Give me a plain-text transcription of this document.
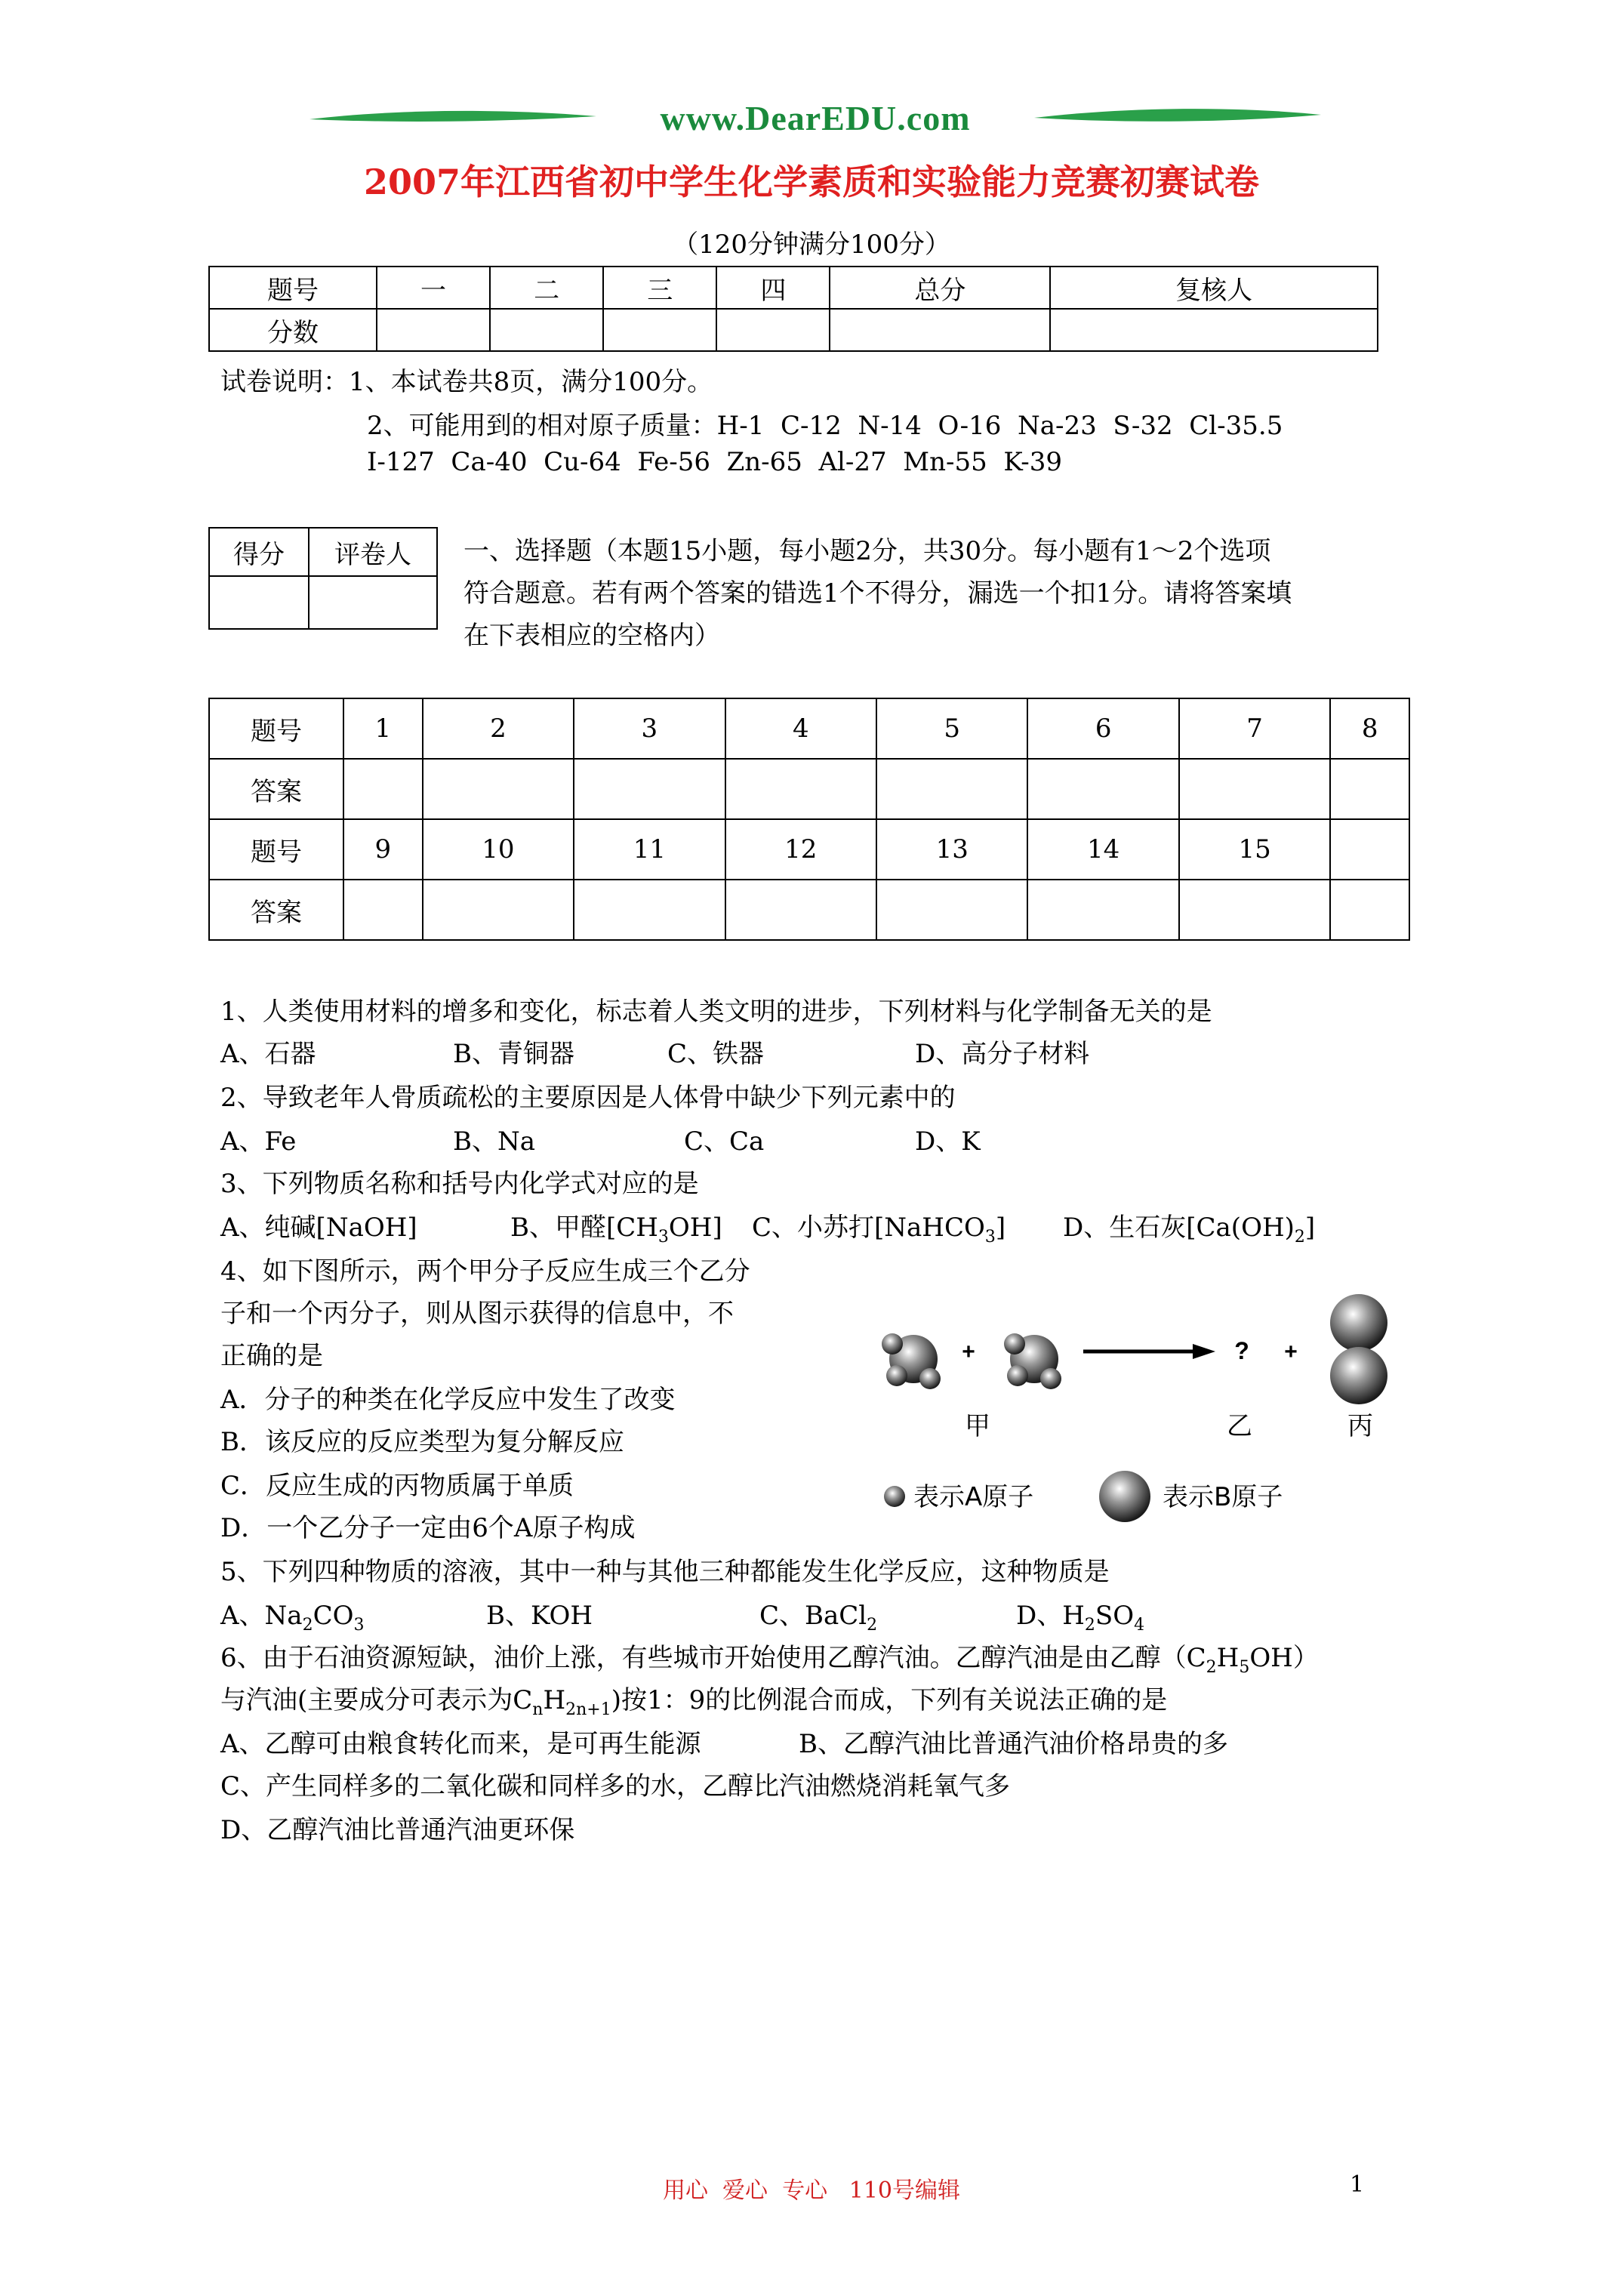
www.DearEDU.com
2007年江西省初中学生化学素质和实验能力竞赛初赛试卷
（120分钟满分100分）
题号	一	二	三	四	总分	复核人
分数						
试卷说明：1、本试卷共8页，满分100分。
2、可能用到的相对原子质量：H-1  C-12  N-14  O-16  Na-23  S-32  Cl-35.5
I-127  Ca-40  Cu-64  Fe-56  Zn-65  Al-27  Mn-55  K-39
得分	评卷人
	一、选择题（本题15小题，每小题2分，共30分。每小题有1～2个选项
符合题意。若有两个答案的错选1个不得分，漏选一个扣1分。请将答案填
在下表相应的空格内）
题号	1	2	3	4	5	6	7	8
答案								
题号	9	10	11	12	13	14	15	
答案								
1、人类使用材料的增多和变化，标志着人类文明的进步，下列材料与化学制备无关的是
A、石器	B、青铜器	C、铁器	D、高分子材料
2、导致老年人骨质疏松的主要原因是人体骨中缺少下列元素中的
A、Fe	B、Na	C、Ca	D、K
3、下列物质名称和括号内化学式对应的是
A、纯碱[NaOH]	B、甲醛$[CH_3OH]$ C、小苏打[NaHCO$_3$] D、生石灰$[Ca(OH)_2]$
4、如下图所示，两个甲分子反应生成三个乙分
子和一个丙分子，则从图示获得的信息中，不
正确的是
A．分子的种类在化学反应中发生了改变
B．该反应的反应类型为复分解反应
C．反应生成的丙物质属于单质
D．一个乙分子一定由6个A原子构成
+	? +
甲	乙	丙
表示A原子	表示B原子
5、下列四种物质的溶液，其中一种与其他三种都能发生化学反应，这种物质是
A、$Na_2CO_3$	B、KOH	C、BaCl$_2$	D、$H_2SO_4$
6、由于石油资源短缺，油价上涨，有些城市开始使用乙醇汽油。乙醇汽油是由乙醇$(C_2H_5OH)$
与汽油(主要成分可表示为$C_nH_{2n+1}$)按1：9的比例混合而成，下列有关说法正确的是
A、乙醇可由粮食转化而来，是可再生能源	B、乙醇汽油比普通汽油价格昂贵的多
C、产生同样多的二氧化碳和同样多的水，乙醇比汽油燃烧消耗氧气多
D、乙醇汽油比普通汽油更环保
用心  爱心  专心   110号编辑	1
